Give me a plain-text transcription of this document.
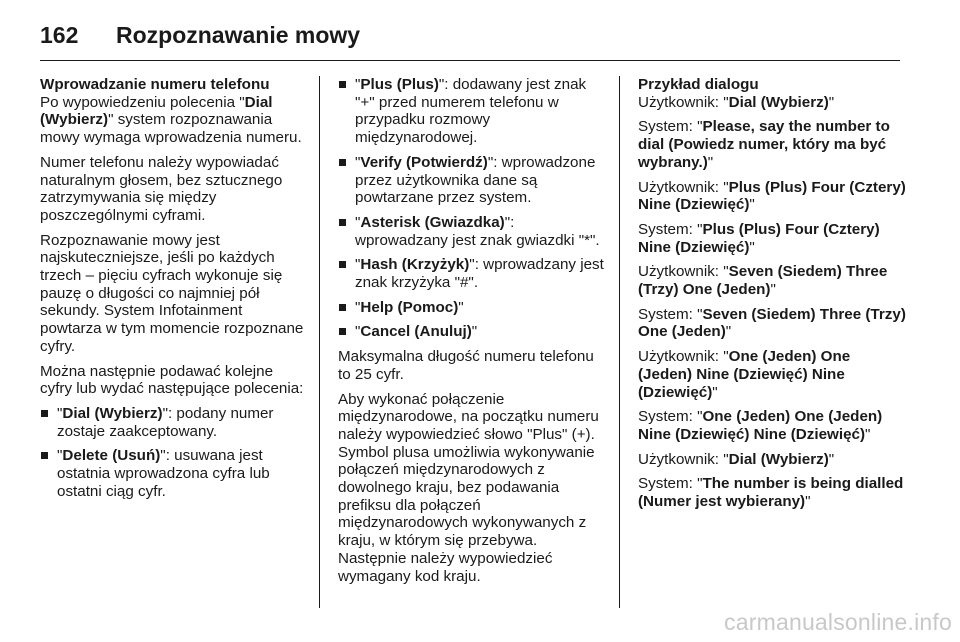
162	Rozpoznawanie mowy

Wprowadzanie numeru telefonu

Po wypowiedzeniu polecenia "Dial (Wybierz)" system rozpoznawania mowy wymaga wprowadzenia numeru.

Numer telefonu należy wypowiadać naturalnym głosem, bez sztucznego zatrzymywania się między poszczególnymi cyframi.

Rozpoznawanie mowy jest najskuteczniejsze, jeśli po każdych trzech – pięciu cyfrach wykonuje się pauzę o długości co najmniej pół sekundy. System Infotainment powtarza w tym momencie rozpoznane cyfry.

Można następnie podawać kolejne cyfry lub wydać następujące polecenia:

"Dial (Wybierz)": podany numer zostaje zaakceptowany.
"Delete (Usuń)": usuwana jest ostatnia wprowadzona cyfra lub ostatni ciąg cyfr.
"Plus (Plus)": dodawany jest znak "+" przed numerem telefonu w przypadku rozmowy międzynarodowej.
"Verify (Potwierdź)": wprowadzone przez użytkownika dane są powtarzane przez system.
"Asterisk (Gwiazdka)": wprowadzany jest znak gwiazdki "*".
"Hash (Krzyżyk)": wprowadzany jest znak krzyżyka "#".
"Help (Pomoc)"
"Cancel (Anuluj)"

Maksymalna długość numeru telefonu to 25 cyfr.

Aby wykonać połączenie międzynarodowe, na początku numeru należy wypowiedzieć słowo "Plus" (+). Symbol plusa umożliwia wykonywanie połączeń międzynarodowych z dowolnego kraju, bez podawania prefiksu dla połączeń międzynarodowych wykonywanych z kraju, w którym się przebywa. Następnie należy wypowiedzieć wymagany kod kraju.

Przykład dialogu

Użytkownik: "Dial (Wybierz)"

System: "Please, say the number to dial (Powiedz numer, który ma być wybrany.)"

Użytkownik: "Plus (Plus) Four (Cztery) Nine (Dziewięć)"

System: "Plus (Plus) Four (Cztery) Nine (Dziewięć)"

Użytkownik: "Seven (Siedem) Three (Trzy) One (Jeden)"

System: "Seven (Siedem) Three (Trzy) One (Jeden)"

Użytkownik: "One (Jeden) One (Jeden) Nine (Dziewięć) Nine (Dziewięć)"

System: "One (Jeden) One (Jeden) Nine (Dziewięć) Nine (Dziewięć)"

Użytkownik: "Dial (Wybierz)"

System: "The number is being dialled (Numer jest wybierany)"

carmanualsonline.info
